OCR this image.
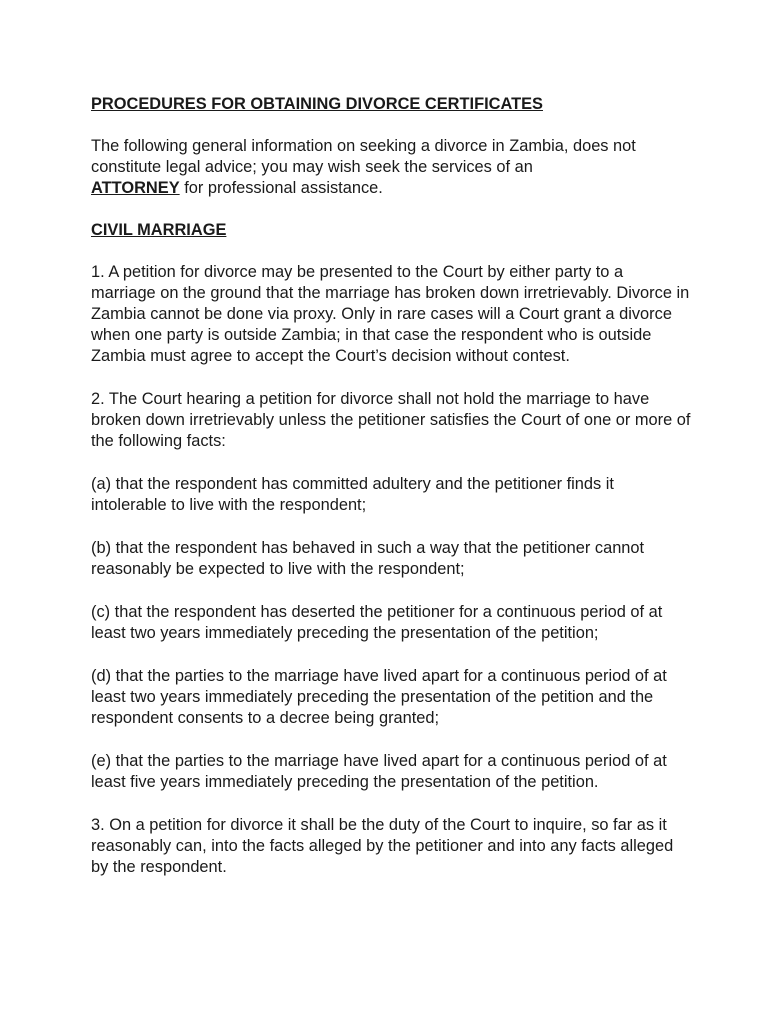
PROCEDURES FOR OBTAINING DIVORCE CERTIFICATES

The following general information on seeking a divorce in Zambia, does not constitute legal advice; you may wish seek the services of an
ATTORNEY for professional assistance.

CIVIL MARRIAGE

1. A petition for divorce may be presented to the Court by either party to a marriage on the ground that the marriage has broken down irretrievably. Divorce in Zambia cannot be done via proxy. Only in rare cases will a Court grant a divorce when one party is outside Zambia; in that case the respondent who is outside Zambia must agree to accept the Court’s decision without contest.

2. The Court hearing a petition for divorce shall not hold the marriage to have broken down irretrievably unless the petitioner satisfies the Court of one or more of the following facts:

(a) that the respondent has committed adultery and the petitioner finds it intolerable to live with the respondent;

(b) that the respondent has behaved in such a way that the petitioner cannot reasonably be expected to live with the respondent;

(c) that the respondent has deserted the petitioner for a continuous period of at least two years immediately preceding the presentation of the petition;

(d) that the parties to the marriage have lived apart for a continuous period of at least two years immediately preceding the presentation of the petition and the respondent consents to a decree being granted;

(e) that the parties to the marriage have lived apart for a continuous period of at least five years immediately preceding the presentation of the petition.

3. On a petition for divorce it shall be the duty of the Court to inquire, so far as it reasonably can, into the facts alleged by the petitioner and into any facts alleged by the respondent.
